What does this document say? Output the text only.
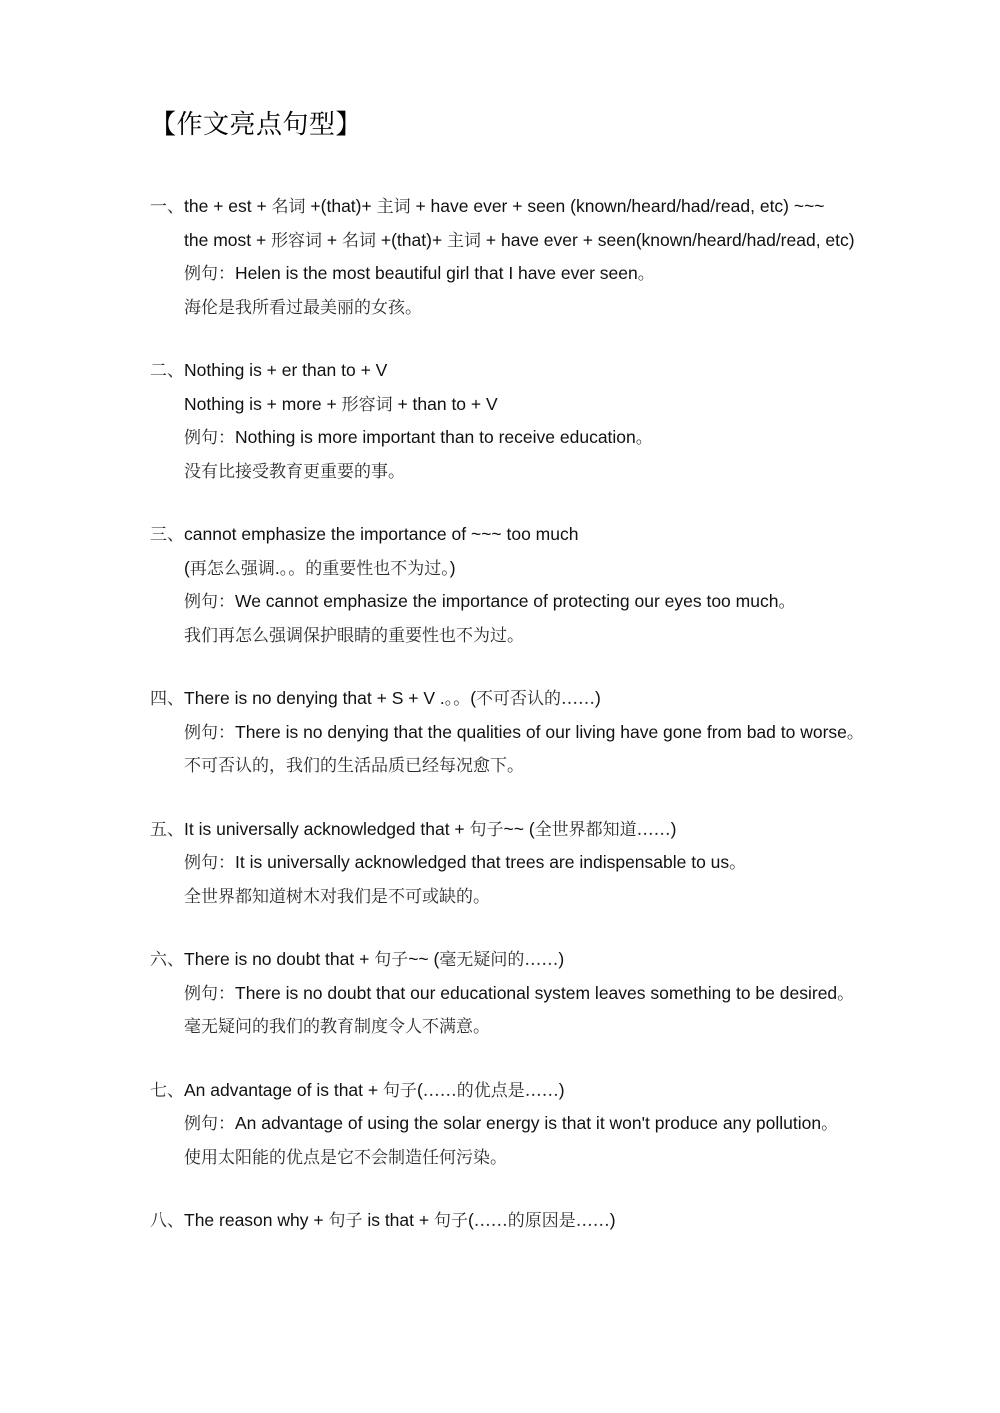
【作文亮点句型】

一、the + est + 名词 +(that)+ 主词 + have ever + seen (known/heard/had/read, etc) ~~~

the most + 形容词 + 名词 +(that)+ 主词 + have ever + seen(known/heard/had/read, etc)

例句：Helen is the most beautiful girl that I have ever seen。

海伦是我所看过最美丽的女孩。

二、Nothing is + er than to + V

Nothing is + more + 形容词 + than to + V

例句：Nothing is more important than to receive education。

没有比接受教育更重要的事。

三、cannot emphasize the importance of ~~~ too much

(再怎么强调.。。的重要性也不为过。)

例句：We cannot emphasize the importance of protecting our eyes too much。

我们再怎么强调保护眼睛的重要性也不为过。

四、There is no denying that + S + V .。。(不可否认的……)

例句：There is no denying that the qualities of our living have gone from bad to worse。

不可否认的，我们的生活品质已经每况愈下。

五、It is universally acknowledged that + 句子~~ (全世界都知道……)

例句：It is universally acknowledged that trees are indispensable to us。

全世界都知道树木对我们是不可或缺的。

六、There is no doubt that + 句子~~ (毫无疑问的……)

例句：There is no doubt that our educational system leaves something to be desired。

毫无疑问的我们的教育制度令人不满意。

七、An advantage of is that + 句子(……的优点是……)

例句：An advantage of using the solar energy is that it won't produce any pollution。

使用太阳能的优点是它不会制造任何污染。

八、The reason why + 句子 is that + 句子(……的原因是……)
